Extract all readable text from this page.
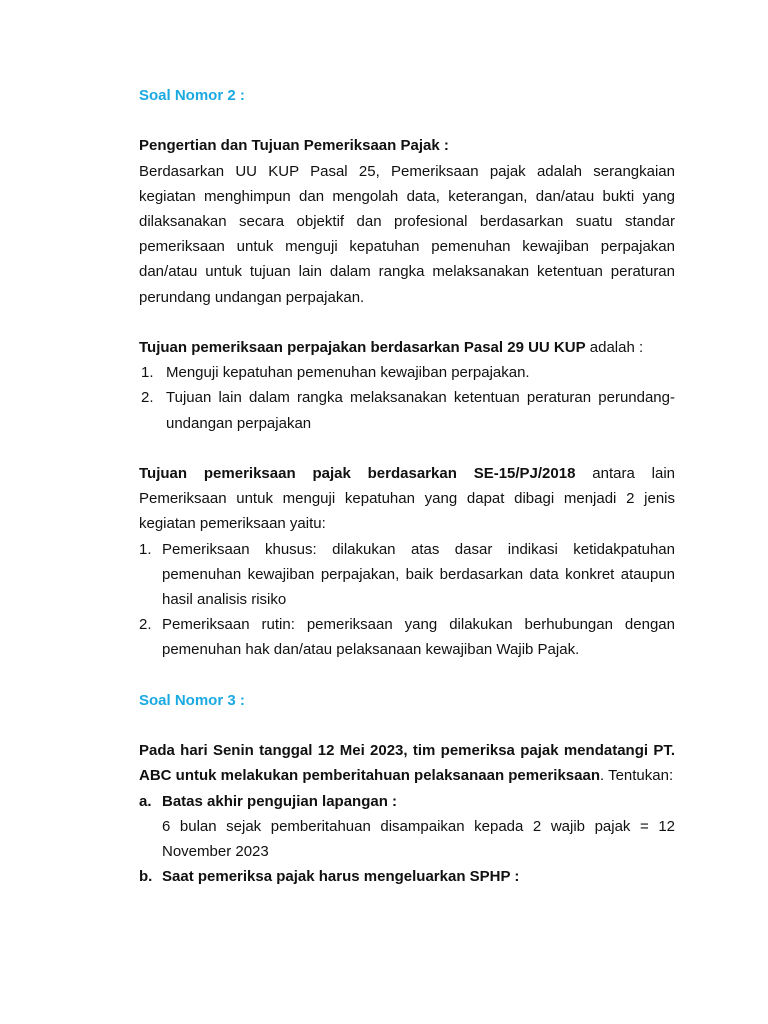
Soal Nomor 2 :

Pengertian dan Tujuan Pemeriksaan Pajak :

Berdasarkan UU KUP Pasal 25, Pemeriksaan pajak adalah serangkaian kegiatan menghimpun dan mengolah data, keterangan, dan/atau bukti yang dilaksanakan secara objektif dan profesional berdasarkan suatu standar pemeriksaan untuk menguji kepatuhan pemenuhan kewajiban perpajakan dan/atau untuk tujuan lain dalam rangka melaksanakan ketentuan peraturan perundang undangan perpajakan.

Tujuan pemeriksaan perpajakan berdasarkan Pasal 29 UU KUP adalah :

1. Menguji kepatuhan pemenuhan kewajiban perpajakan.
2. Tujuan lain dalam rangka melaksanakan ketentuan peraturan perundang-undangan perpajakan

Tujuan pemeriksaan pajak berdasarkan SE-15/PJ/2018 antara lain Pemeriksaan untuk menguji kepatuhan yang dapat dibagi menjadi 2 jenis kegiatan pemeriksaan yaitu:

1. Pemeriksaan khusus: dilakukan atas dasar indikasi ketidakpatuhan pemenuhan kewajiban perpajakan, baik berdasarkan data konkret ataupun hasil analisis risiko
2. Pemeriksaan rutin: pemeriksaan yang dilakukan berhubungan dengan pemenuhan hak dan/atau pelaksanaan kewajiban Wajib Pajak.

Soal Nomor 3 :

Pada hari Senin tanggal 12 Mei 2023, tim pemeriksa pajak mendatangi PT. ABC untuk melakukan pemberitahuan pelaksanaan pemeriksaan. Tentukan:

a. Batas akhir pengujian lapangan :

6 bulan sejak pemberitahuan disampaikan kepada 2 wajib pajak = 12 November 2023

b. Saat pemeriksa pajak harus mengeluarkan SPHP :
